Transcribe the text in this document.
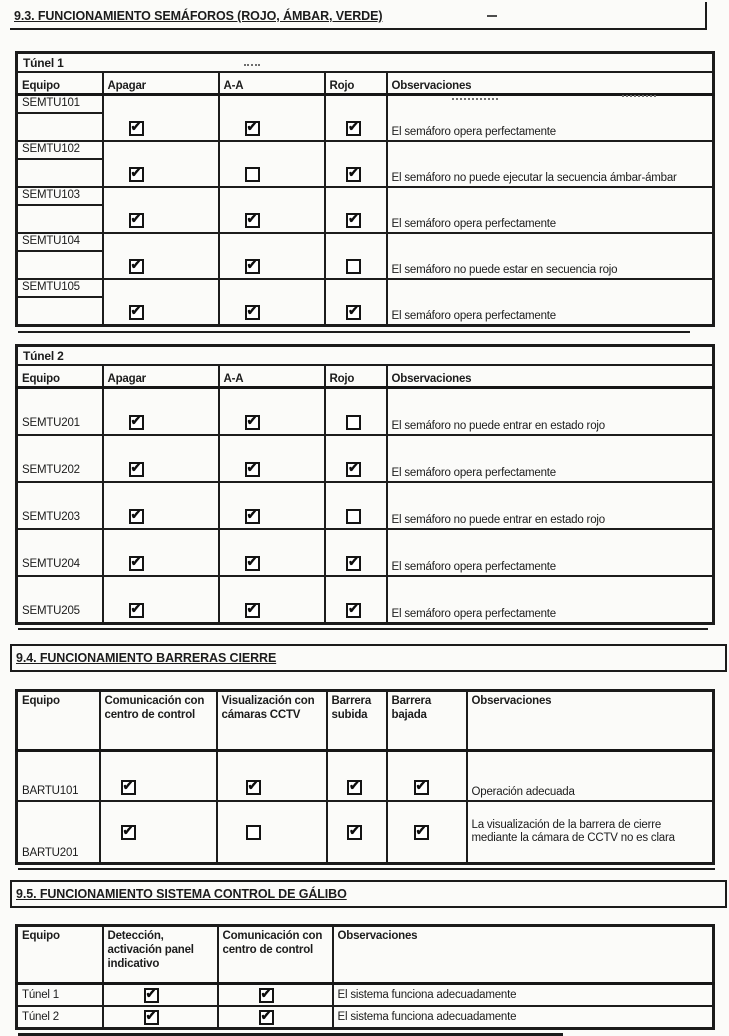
9.3. FUNCIONAMIENTO SEMÁFOROS (ROJO, ÁMBAR, VERDE)
Túnel 1				
Equipo	Apagar	A-A	Rojo	Observaciones

SEMTU101
	✔	✔	✔	El semáforo opera perfectamente

SEMTU102
	✔		✔	El semáforo no puede ejecutar la secuencia ámbar-ámbar

SEMTU103
	✔	✔	✔	El semáforo opera perfectamente

SEMTU104
	✔	✔		El semáforo no puede estar en secuencia rojo

SEMTU105
	✔	✔	✔	El semáforo opera perfectamente
Túnel 2				
Equipo	Apagar	A-A	Rojo	Observaciones
SEMTU201	✔	✔		El semáforo no puede entrar en estado rojo
SEMTU202	✔	✔	✔	El semáforo opera perfectamente
SEMTU203	✔	✔		El semáforo no puede entrar en estado rojo
SEMTU204	✔	✔	✔	El semáforo opera perfectamente
SEMTU205	✔	✔	✔	El semáforo opera perfectamente
9.4. FUNCIONAMIENTO BARRERAS CIERRE
Equipo	Comunicación con centro de control	Visualización con cámaras CCTV	Barrera subida	Barrera bajada	Observaciones
BARTU101	✔	✔	✔	✔	Operación adecuada
BARTU201	✔		✔	✔	La visualización de la barrera de cierre mediante la cámara de CCTV no es clara
9.5. FUNCIONAMIENTO SISTEMA CONTROL DE GÁLIBO
Equipo	Detección, activación panel indicativo	Comunicación con centro de control	Observaciones
Túnel 1	✔	✔	El sistema funciona adecuadamente
Túnel 2	✔	✔	El sistema funciona adecuadamente
